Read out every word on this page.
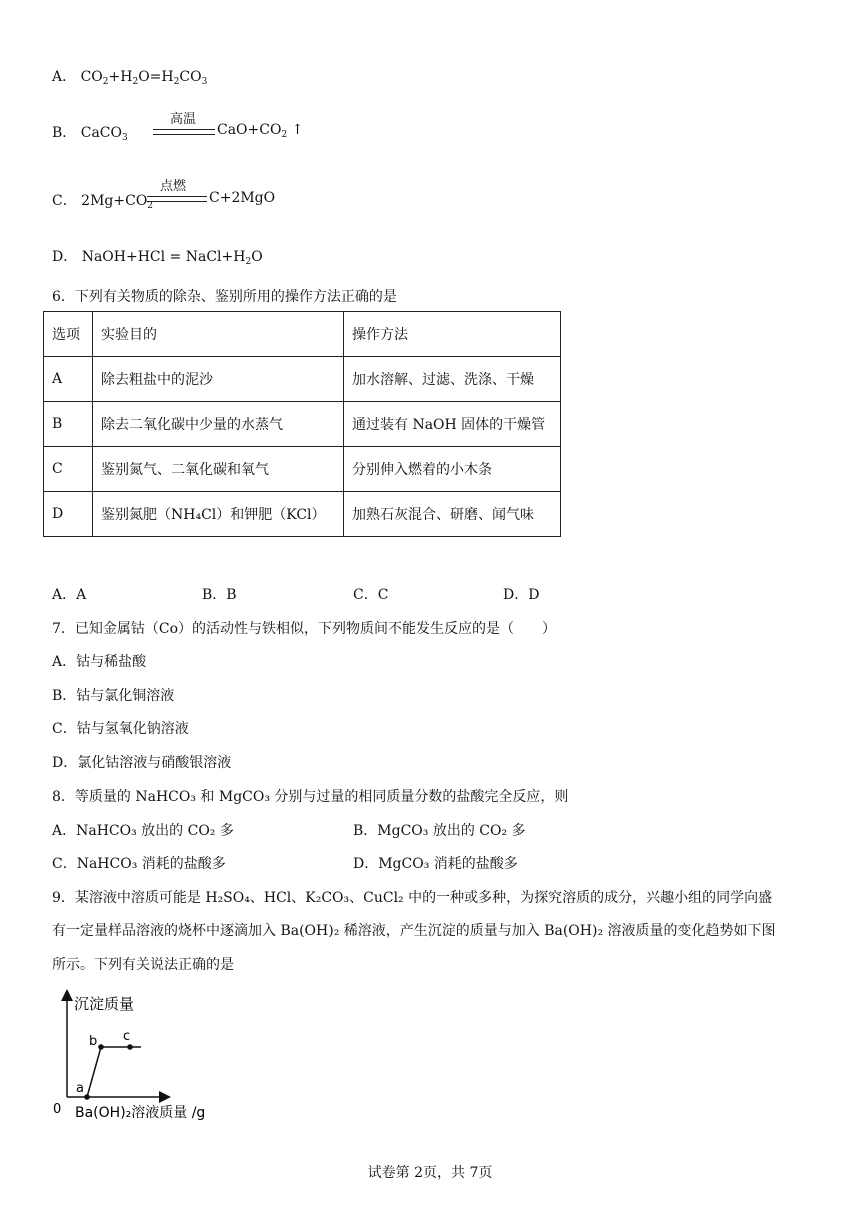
A． $CO_2+H_2O=H_2CO_3$
B． CaCO$_3$
高温
$CaO+CO_2$ ↑
C． $2Mg+CO_2$
点燃
C+2MgO
D． NaOH+HCl = $NaCl+H_2O$
6．下列有关物质的除杂、鉴别所用的操作方法正确的是
选项	实验目的	操作方法
A	除去粗盐中的泥沙	加水溶解、过滤、洗涤、干燥
B	除去二氧化碳中少量的水蒸气	通过装有 NaOH 固体的干燥管
C	鉴别氮气、二氧化碳和氧气	分别伸入燃着的小木条
D	鉴别氮肥（NH₄Cl）和钾肥（KCl）	加熟石灰混合、研磨、闻气味
A．A	B．B	C．C	D．D
7．已知金属钴（Co）的活动性与铁相似，下列物质间不能发生反应的是（　　）
A．钴与稀盐酸
B．钴与氯化铜溶液
C．钴与氢氧化钠溶液
D．氯化钴溶液与硝酸银溶液
8．等质量的 NaHCO₃ 和 MgCO₃ 分别与过量的相同质量分数的盐酸完全反应，则
A．NaHCO₃ 放出的 CO₂ 多	B．MgCO₃ 放出的 CO₂ 多
C．NaHCO₃ 消耗的盐酸多	D．MgCO₃ 消耗的盐酸多
9．某溶液中溶质可能是 H₂SO₄、HCl、K₂CO₃、CuCl₂ 中的一种或多种，为探究溶质的成分，兴趣小组的同学向盛
有一定量样品溶液的烧杯中逐滴加入 Ba(OH)₂ 稀溶液，产生沉淀的质量与加入 Ba(OH)₂ 溶液质量的变化趋势如下图
所示。下列有关说法正确的是
沉淀质量
Ba(OH)₂溶液质量 /g
0
a
b c
试卷第 2页，共 7页
